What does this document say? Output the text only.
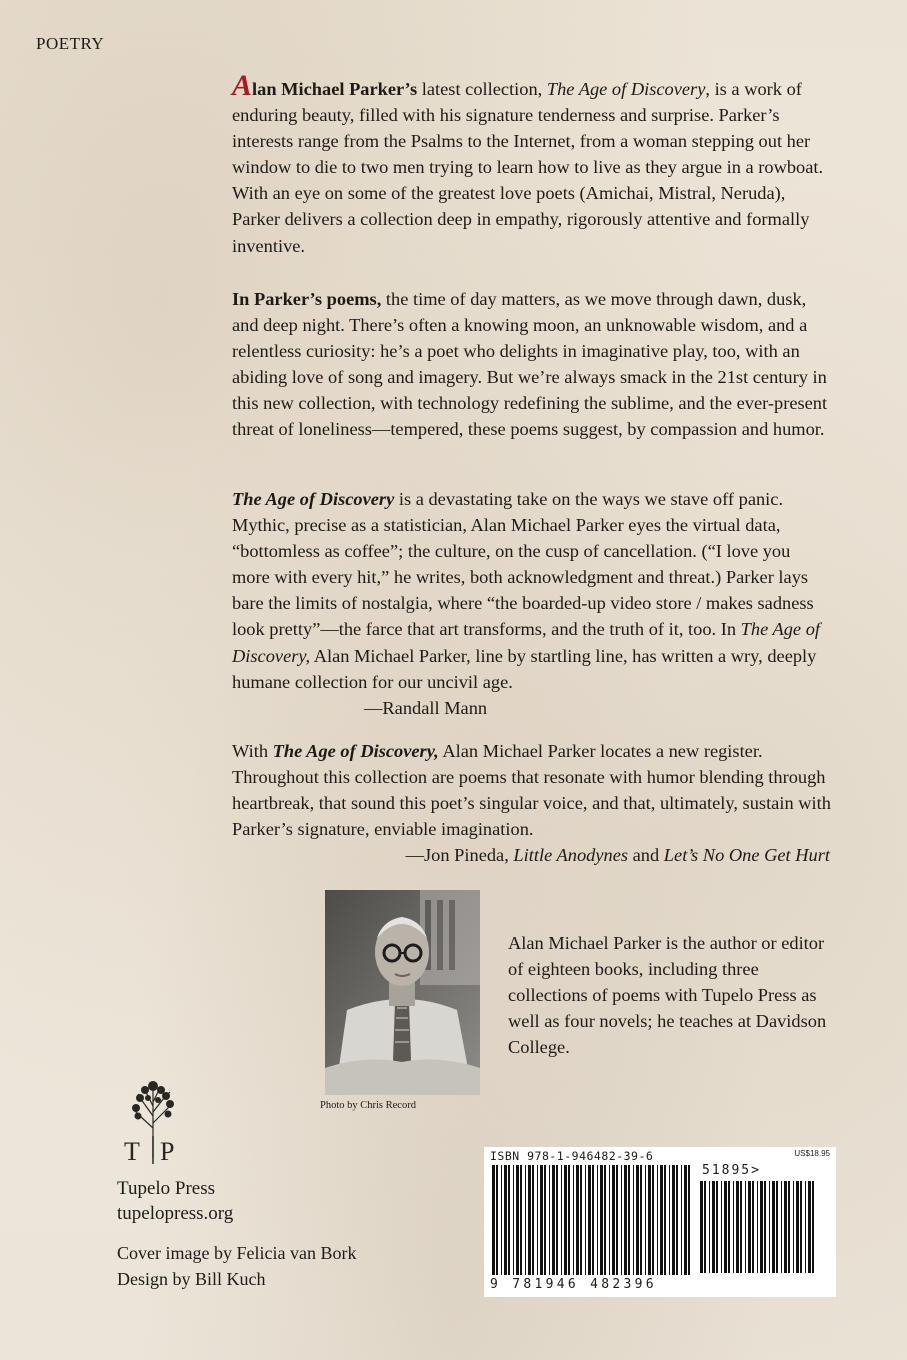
POETRY
Alan Michael Parker’s latest collection, The Age of Discovery, is a work of enduring beauty, filled with his signature tenderness and surprise. Parker’s interests range from the Psalms to the Internet, from a woman stepping out her window to die to two men trying to learn how to live as they argue in a rowboat. With an eye on some of the greatest love poets (Amichai, Mistral, Neruda), Parker delivers a collection deep in empathy, rigorously attentive and formally inventive.
In Parker’s poems, the time of day matters, as we move through dawn, dusk, and deep night. There’s often a knowing moon, an unknowable wisdom, and a relentless curiosity: he’s a poet who delights in imaginative play, too, with an abiding love of song and imagery. But we’re always smack in the 21st century in this new collection, with technology redefining the sublime, and the ever-present threat of loneliness—tempered, these poems suggest, by compassion and humor.
The Age of Discovery is a devastating take on the ways we stave off panic. Mythic, precise as a statistician, Alan Michael Parker eyes the virtual data, “bottomless as coffee”; the culture, on the cusp of cancellation. (“I love you more with every hit,” he writes, both acknowledgment and threat.) Parker lays bare the limits of nostalgia, where “the boarded-up video store / makes sadness look pretty”—the farce that art transforms, and the truth of it, too. In The Age of Discovery, Alan Michael Parker, line by startling line, has written a wry, deeply humane collection for our uncivil age.
—Randall Mann
With The Age of Discovery, Alan Michael Parker locates a new register. Throughout this collection are poems that resonate with humor blending through heartbreak, that sound this poet’s singular voice, and that, ultimately, sustain with Parker’s signature, enviable imagination.
—Jon Pineda, Little Anodynes and Let’s No One Get Hurt
Photo by Chris Record
Alan Michael Parker is the author or editor of eighteen books, including three collections of poems with Tupelo Press as well as four novels; he teaches at Davidson College.
T P
Tupelo Press
tupelopress.org
Cover image by Felicia van Bork
Design by Bill Kuch
ISBN 978-1-946482-39-6	US$18.95
51895>
9 781946 482396
